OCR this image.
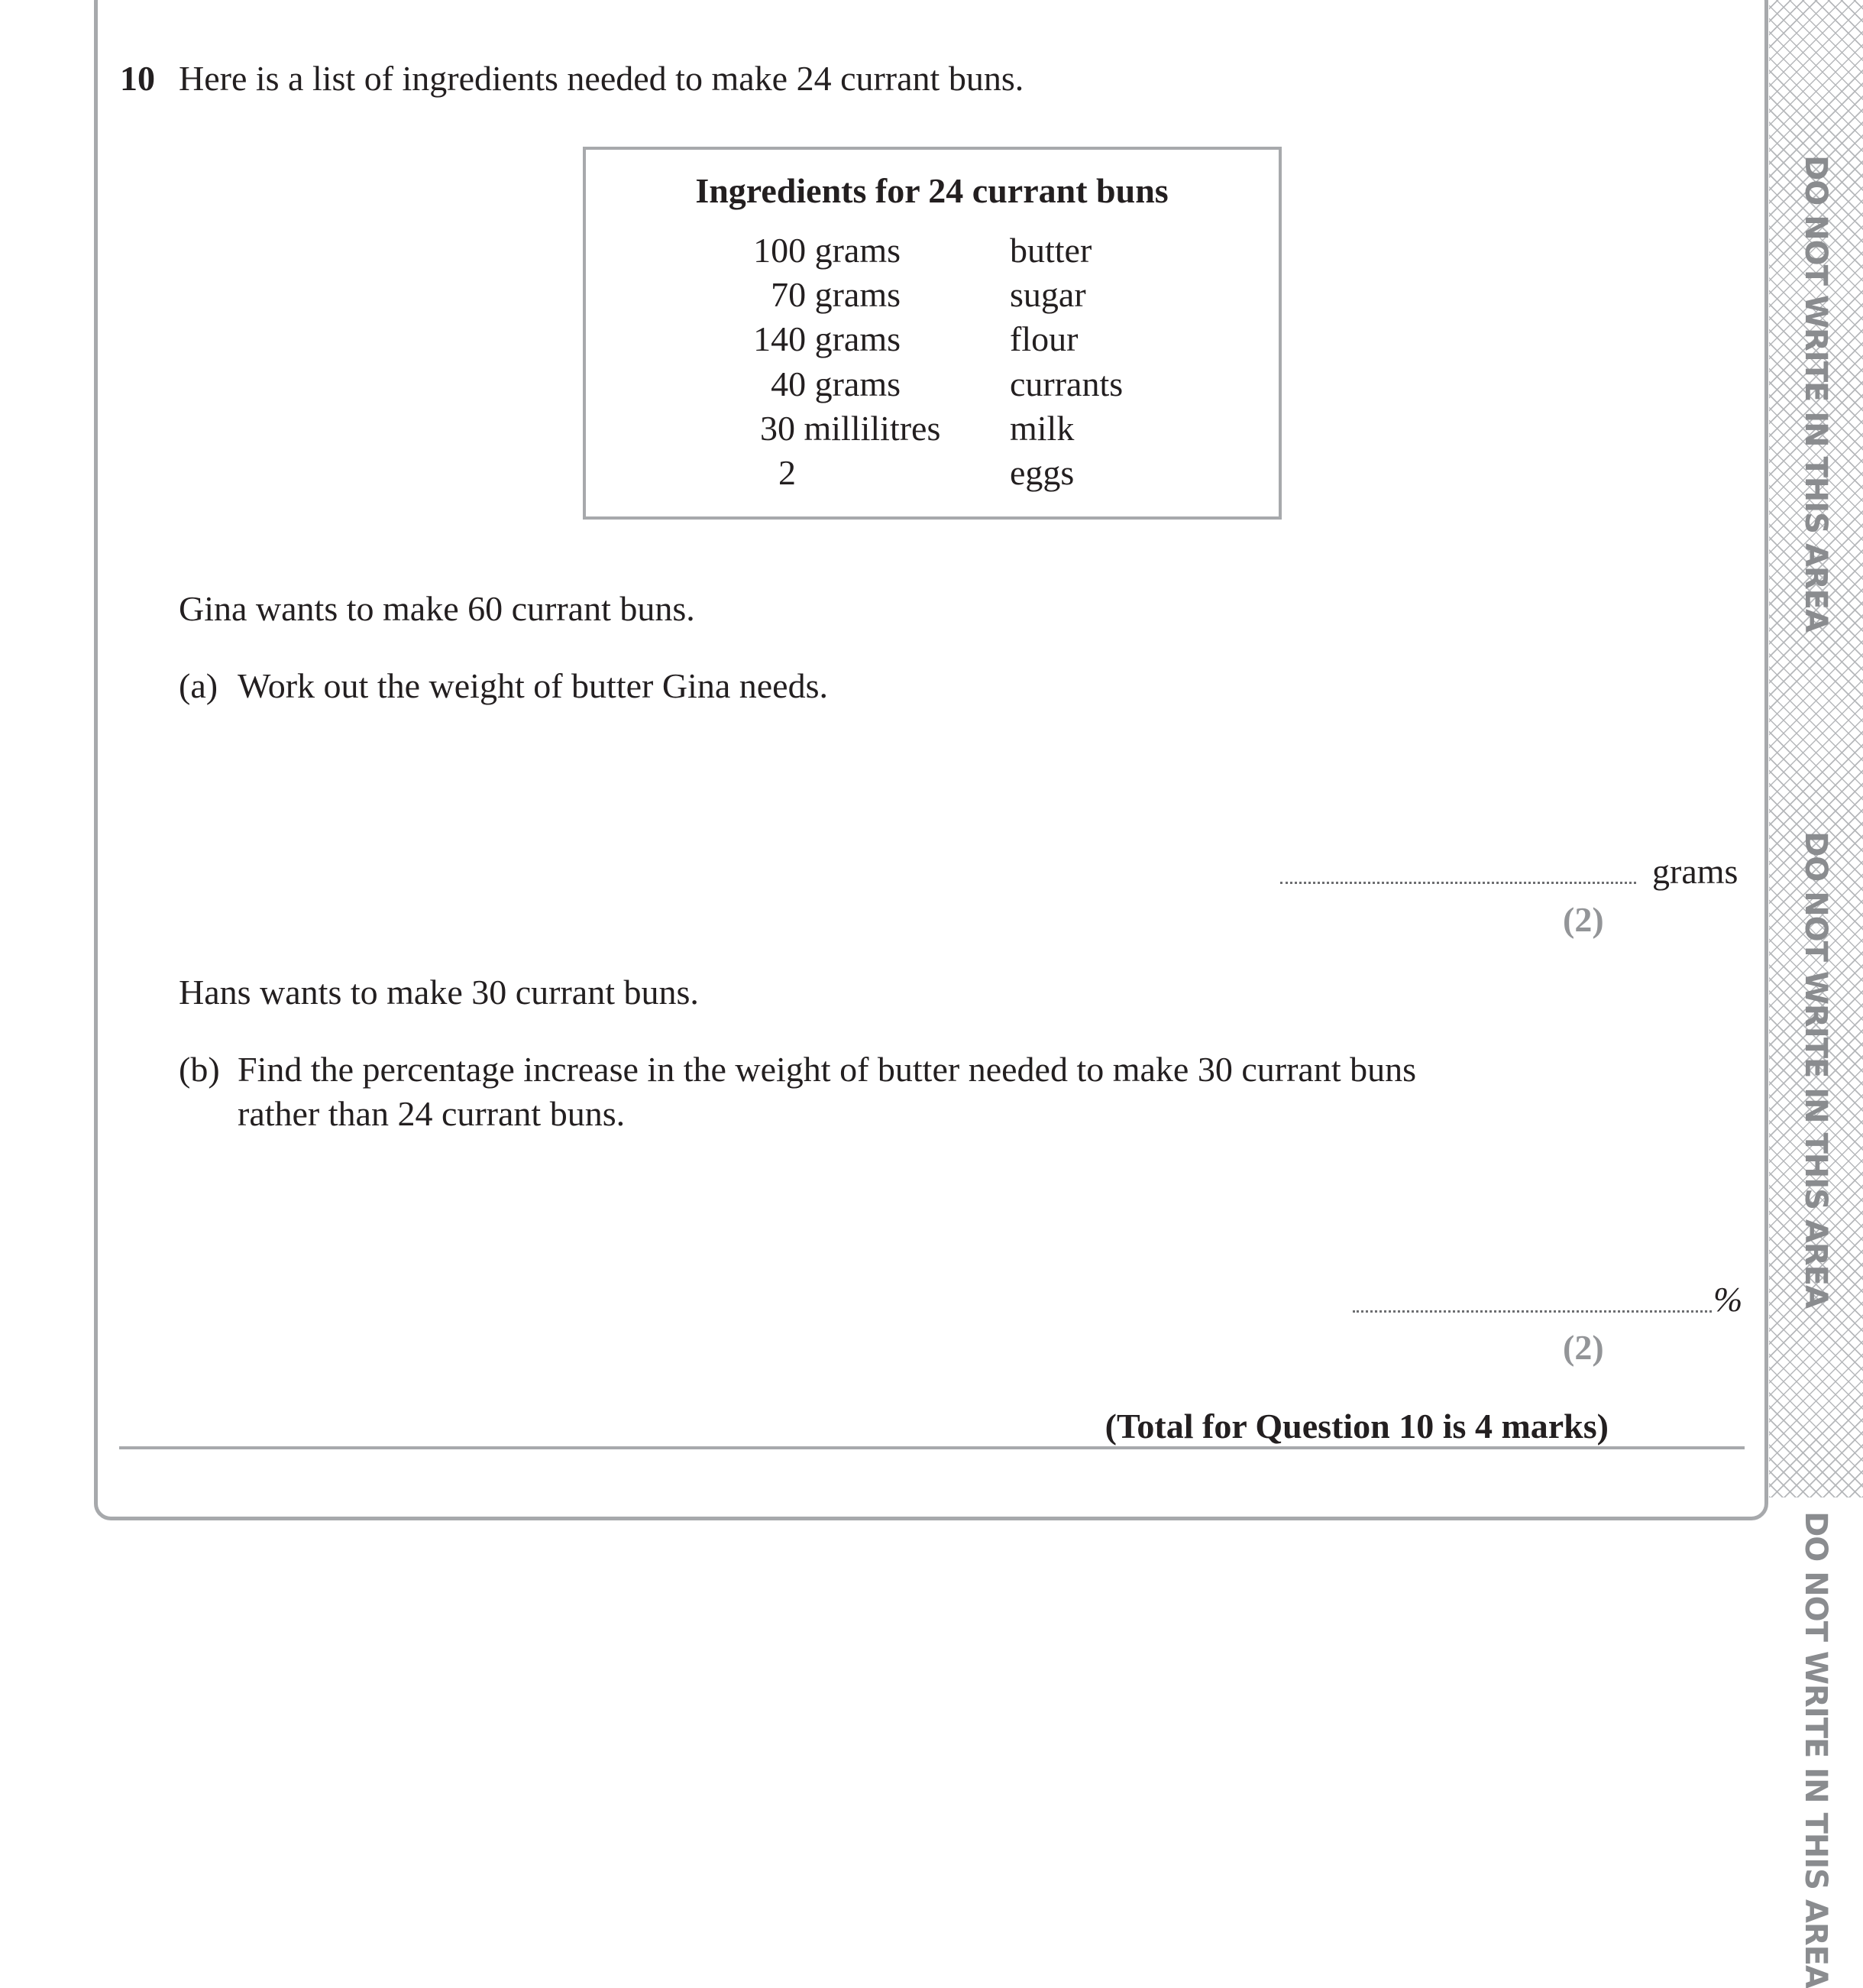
DO NOT WRITE IN THIS AREA
DO NOT WRITE IN THIS AREA
DO NOT WRITE IN THIS AREA
10 Here is a list of ingredients needed to make 24 currant buns.
Ingredients for 24 currant buns
100 grams	butter
70 grams	sugar
140 grams	flour
40 grams	currants
30 millilitres milk
2	eggs
Gina wants to make 60 currant buns.
(a) Work out the weight of butter Gina needs.
grams
(2)
Hans wants to make 30 currant buns.
(b) Find the percentage increase in the weight of butter needed to make 30 currant buns
rather than 24 currant buns.
%
(2)
(Total for Question 10 is 4 marks)
